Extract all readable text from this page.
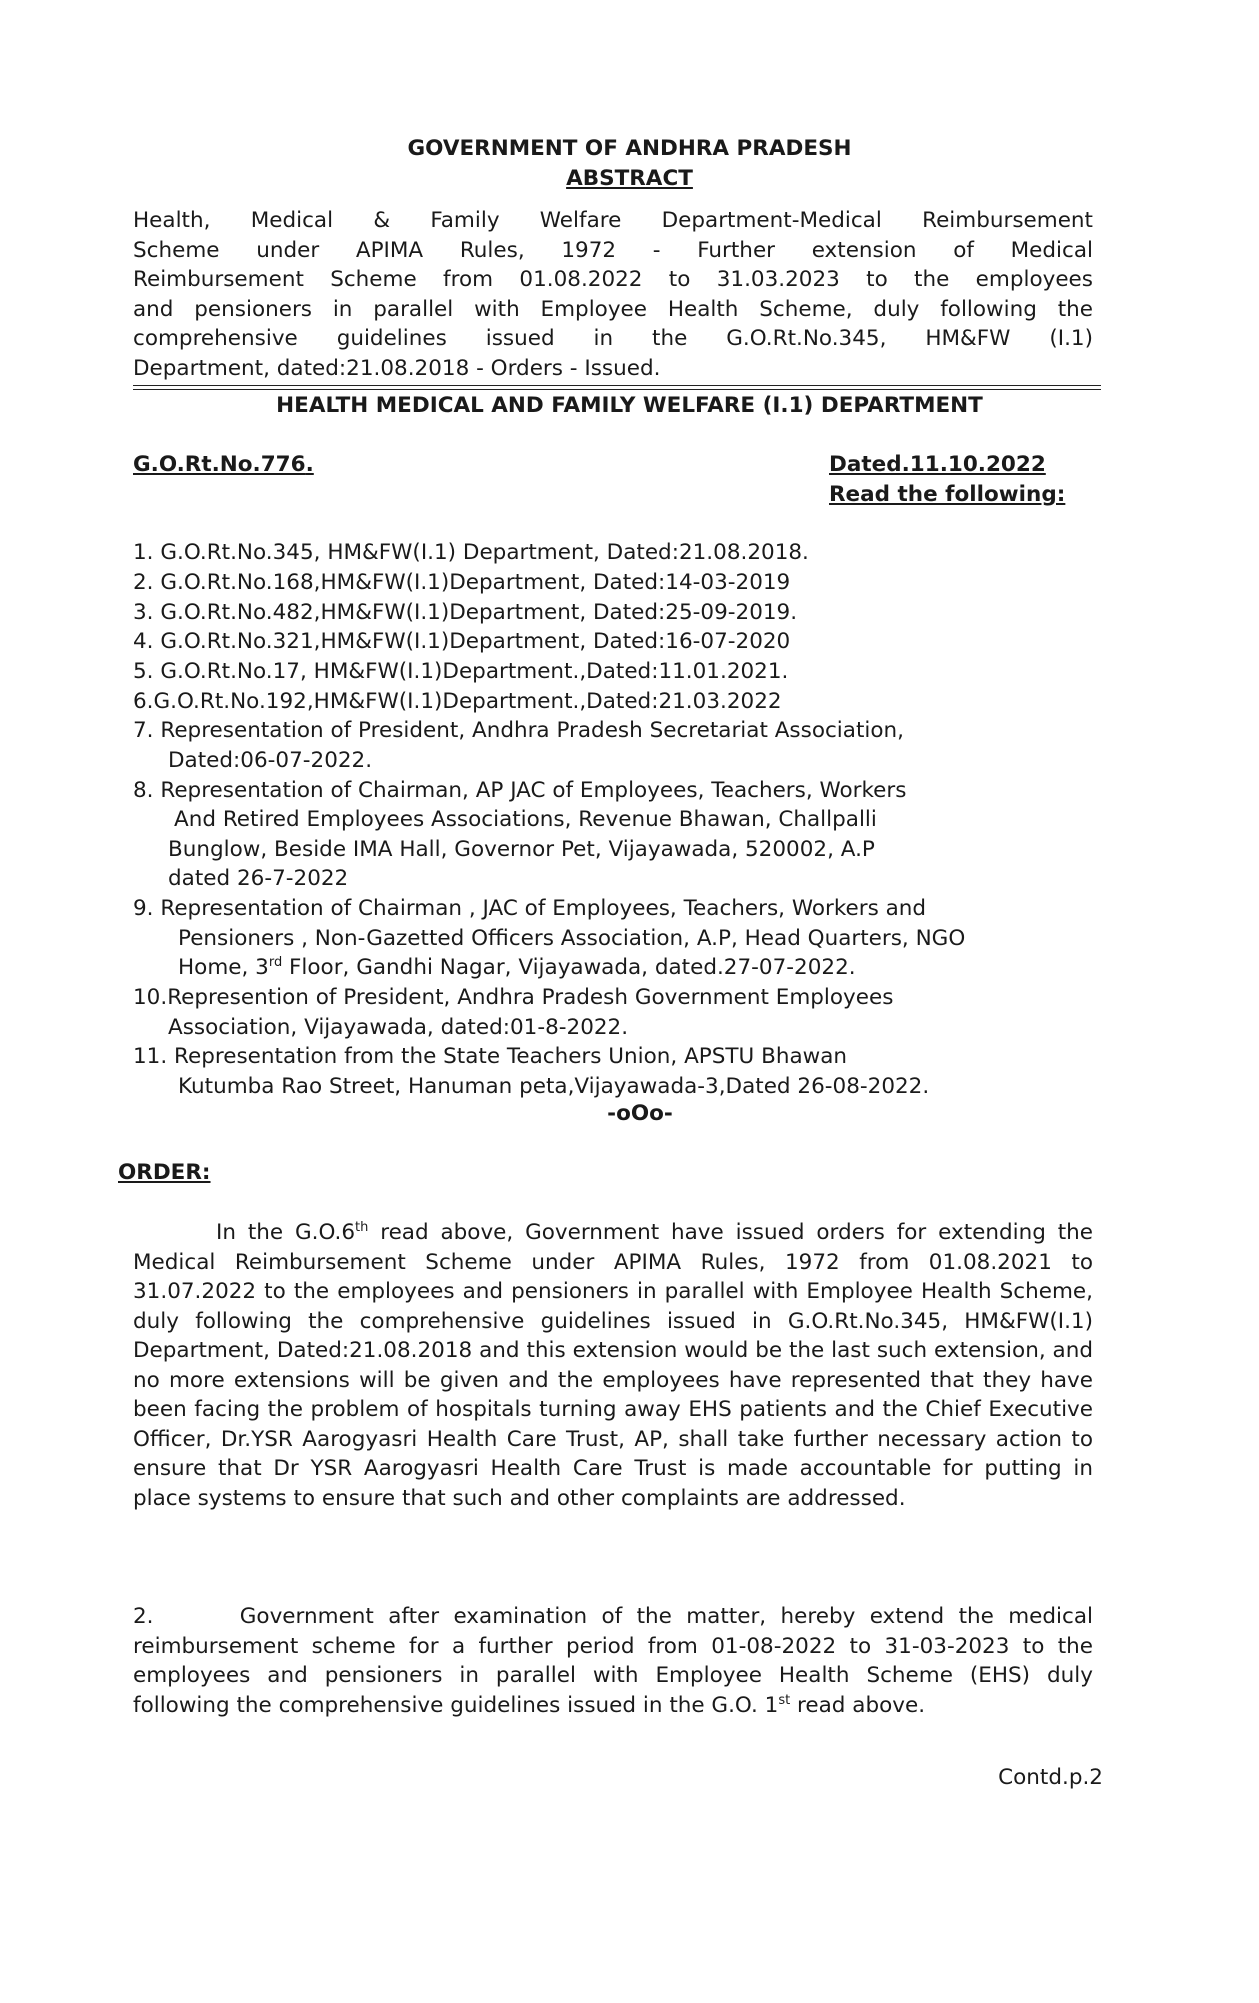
GOVERNMENT OF ANDHRA PRADESH
ABSTRACT
Health, Medical & Family Welfare Department-Medical Reimbursement
Scheme under APIMA Rules, 1972 - Further extension of Medical
Reimbursement Scheme from 01.08.2022 to 31.03.2023 to the employees
and pensioners in parallel with Employee Health Scheme, duly following the
comprehensive guidelines issued in the G.O.Rt.No.345, HM&FW (I.1)
Department, dated:21.08.2018 - Orders - Issued.
HEALTH MEDICAL AND FAMILY WELFARE (I.1) DEPARTMENT
G.O.Rt.No.776.	Dated.11.10.2022
Read the following:
1. G.O.Rt.No.345, HM&FW(I.1) Department, Dated:21.08.2018.
2. G.O.Rt.No.168,HM&FW(I.1)Department, Dated:14-03-2019
3. G.O.Rt.No.482,HM&FW(I.1)Department, Dated:25-09-2019.
4. G.O.Rt.No.321,HM&FW(I.1)Department, Dated:16-07-2020
5. G.O.Rt.No.17, HM&FW(I.1)Department.,Dated:11.01.2021.
6.G.O.Rt.No.192,HM&FW(I.1)Department.,Dated:21.03.2022
7. Representation of President, Andhra Pradesh Secretariat Association,
Dated:06-07-2022.
8. Representation of Chairman, AP JAC of Employees, Teachers, Workers
And Retired Employees Associations, Revenue Bhawan, Challpalli
Bunglow, Beside IMA Hall, Governor Pet, Vijayawada, 520002, A.P
dated 26-7-2022
9. Representation of Chairman , JAC of Employees, Teachers, Workers and
Pensioners , Non-Gazetted Officers Association, A.P, Head Quarters, NGO
Home, 3rd Floor, Gandhi Nagar, Vijayawada, dated.27-07-2022.
10.Represention of President, Andhra Pradesh Government Employees
Association, Vijayawada, dated:01-8-2022.
11. Representation from the State Teachers Union, APSTU Bhawan
Kutumba Rao Street, Hanuman peta,Vijayawada-3,Dated 26-08-2022.
-oOo-
ORDER:
In the G.O.6th read above, Government have issued orders for extending the Medical Reimbursement Scheme under APIMA Rules, 1972 from 01.08.2021 to 31.07.2022 to the employees and pensioners in parallel with Employee Health Scheme, duly following the comprehensive guidelines issued in G.O.Rt.No.345, HM&FW(I.1) Department, Dated:21.08.2018 and this extension would be the last such extension, and no more extensions will be given and the employees have represented that they have been facing the problem of hospitals turning away EHS patients and the Chief Executive Officer, Dr.YSR Aarogyasri Health Care Trust, AP, shall take further necessary action to ensure that Dr YSR Aarogyasri Health Care Trust is made accountable for putting in place systems to ensure that such and other complaints are addressed.
2.	Government after examination of the matter, hereby extend the medical reimbursement scheme for a further period from 01-08-2022 to 31-03-2023 to the employees and pensioners in parallel with Employee Health Scheme (EHS) duly following the comprehensive guidelines issued in the G.O. 1st read above.
Contd.p.2
